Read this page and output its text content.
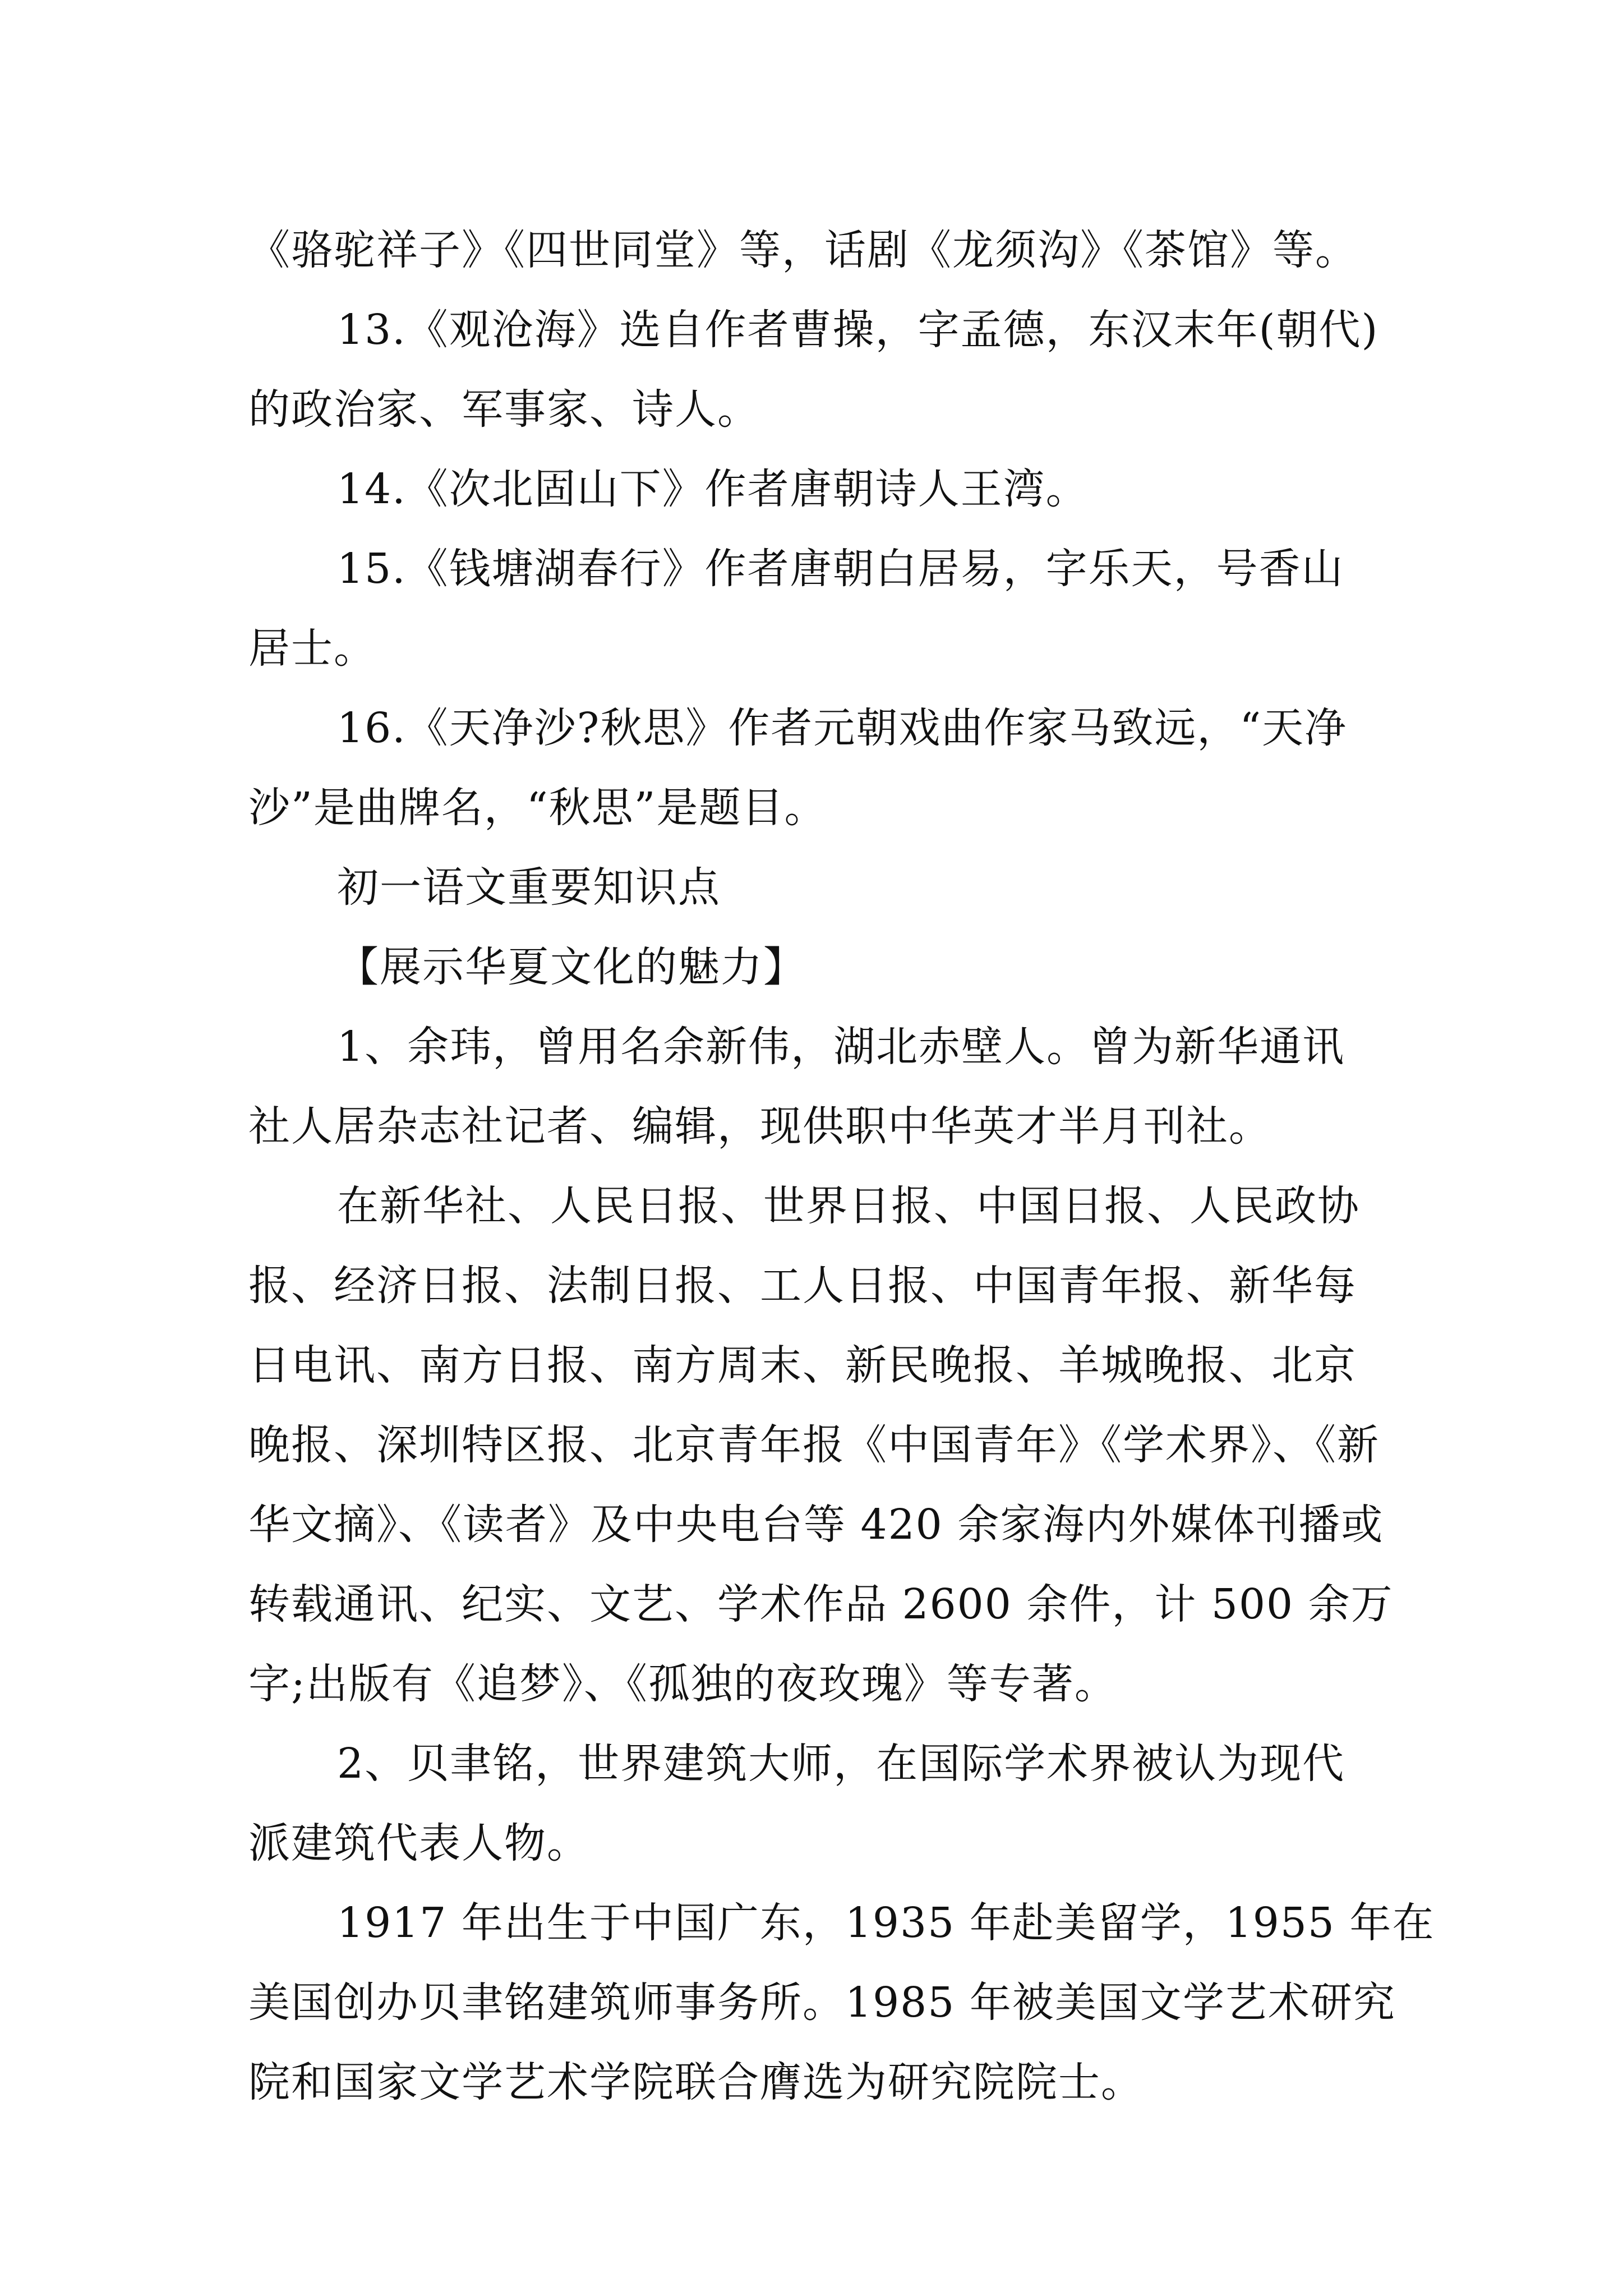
《骆驼祥子》《四世同堂》等，话剧《龙须沟》《茶馆》等。
13.《观沧海》选自作者曹操，字孟德，东汉末年(朝代)
的政治家、军事家、诗人。
14.《次北固山下》作者唐朝诗人王湾。
15.《钱塘湖春行》作者唐朝白居易，字乐天，号香山
居士。
16.《天净沙?秋思》作者元朝戏曲作家马致远，“天净
沙”是曲牌名，“秋思”是题目。
初一语文重要知识点
【展示华夏文化的魅力】
1、余玮，曾用名余新伟，湖北赤壁人。曾为新华通讯
社人居杂志社记者、编辑，现供职中华英才半月刊社。
在新华社、人民日报、世界日报、中国日报、人民政协
报、经济日报、法制日报、工人日报、中国青年报、新华每
日电讯、南方日报、南方周末、新民晚报、羊城晚报、北京
晚报、深圳特区报、北京青年报《中国青年》《学术界》、《新
华文摘》、《读者》及中央电台等 420 余家海内外媒体刊播或
转载通讯、纪实、文艺、学术作品 2600 余件，计 500 余万
字;出版有《追梦》、《孤独的夜玫瑰》等专著。
2、贝聿铭，世界建筑大师，在国际学术界被认为现代
派建筑代表人物。
1917 年出生于中国广东，1935 年赴美留学，1955 年在
美国创办贝聿铭建筑师事务所。1985 年被美国文学艺术研究
院和国家文学艺术学院联合膺选为研究院院士。
